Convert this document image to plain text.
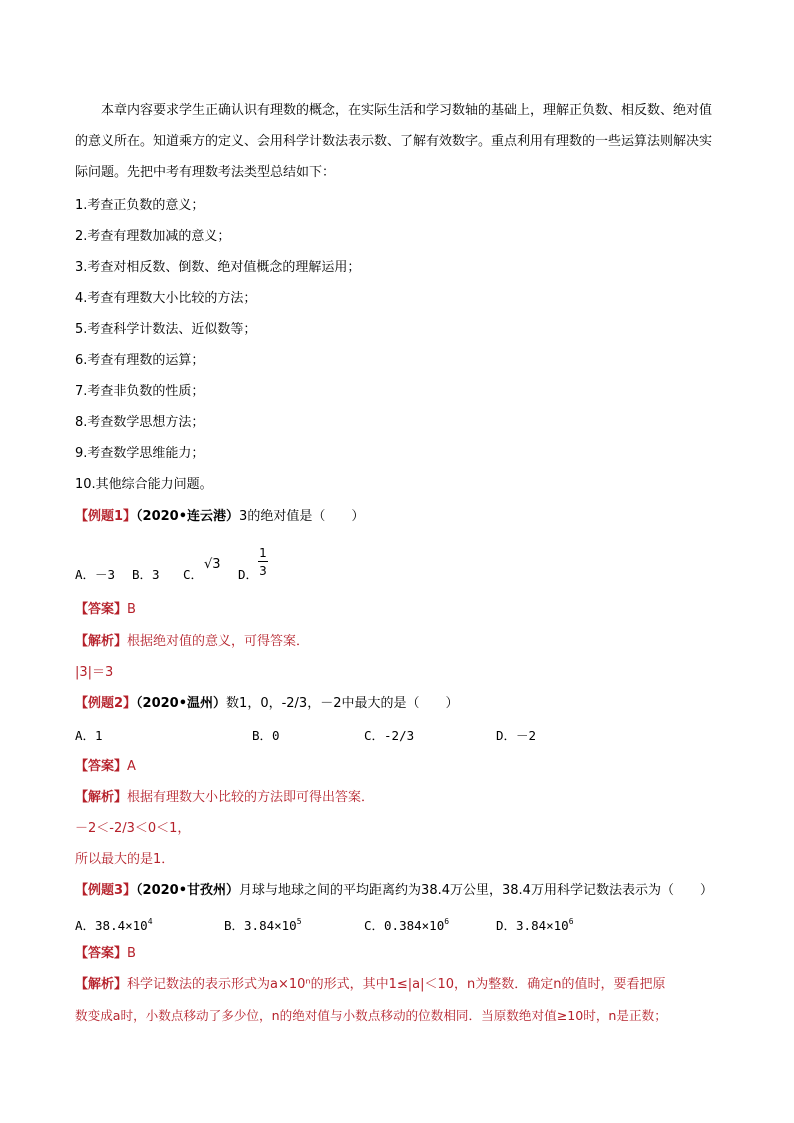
本章内容要求学生正确认识有理数的概念，在实际生活和学习数轴的基础上，理解正负数、相反数、绝对值的意义所在。知道乘方的定义、会用科学计数法表示数、了解有效数字。重点利用有理数的一些运算法则解决实际问题。先把中考有理数考法类型总结如下：

1.考查正负数的意义；
2.考查有理数加减的意义；
3.考查对相反数、倒数、绝对值概念的理解运用；
4.考查有理数大小比较的方法；
5.考查科学计数法、近似数等；
6.考查有理数的运算；
7.考查非负数的性质；
8.考查数学思想方法；
9.考查数学思维能力；
10.其他综合能力问题。
【例题1】（2020•连云港）3的绝对值是（　　）
A．－3 B．3 C．
√3
D．
1
3
【答案】B
【解析】根据绝对值的意义，可得答案．
|3|＝3
【例题2】（2020•温州）数1，0，-2/3，－2中最大的是（　　）
A．1	B．0	C．-2/3	D．－2
【答案】A
【解析】根据有理数大小比较的方法即可得出答案．
－2＜-2/3＜0＜1，
所以最大的是1．
【例题3】（2020•甘孜州）月球与地球之间的平均距离约为38.4万公里，38.4万用科学记数法表示为（　　）
A．$38.4\times 10^4$	B．$3.84\times 10^5$	C．$0.384\times 10^6$	D．$3.84\times 10^6$
【答案】B
【解析】科学记数法的表示形式为a×10ⁿ的形式，其中1≤|a|＜10，n为整数．确定n的值时，要看把原
数变成a时，小数点移动了多少位，n的绝对值与小数点移动的位数相同．当原数绝对值≥10时，n是正数；
